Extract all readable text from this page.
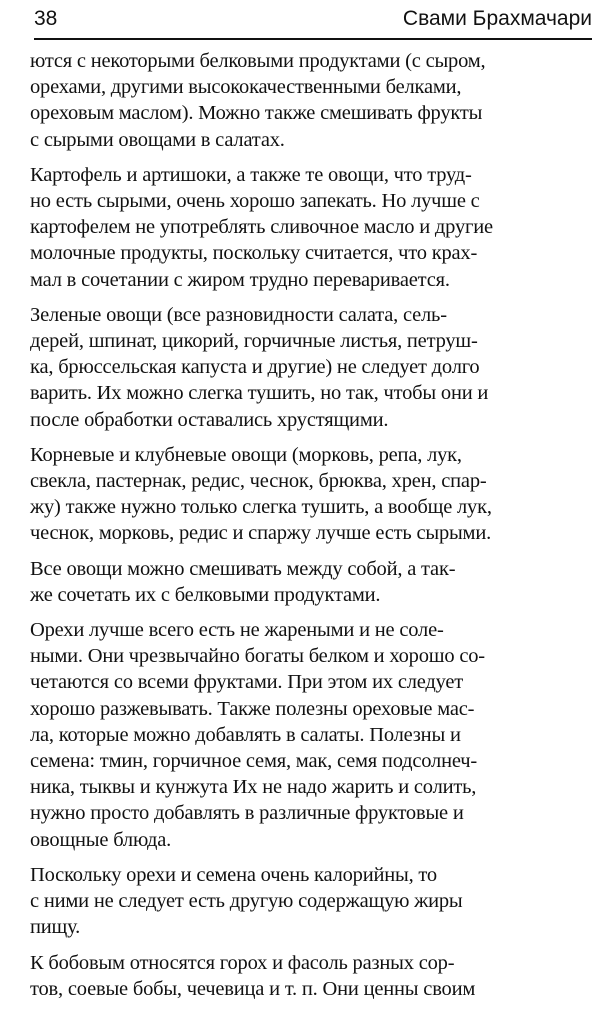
38	Свами Брахмачари

ются с некоторыми белковыми продуктами (с сыром,
орехами, другими высококачественными белками,
ореховым маслом). Можно также смешивать фрукты
с сырыми овощами в салатах.

Картофель и артишоки, а также те овощи, что труд-
но есть сырыми, очень хорошо запекать. Но лучше с
картофелем не употреблять сливочное масло и другие
молочные продукты, поскольку считается, что крах-
мал в сочетании с жиром трудно переваривается.

Зеленые овощи (все разновидности салата, сель-
дерей, шпинат, цикорий, горчичные листья, петруш-
ка, брюссельская капуста и другие) не следует долго
варить. Их можно слегка тушить, но так, чтобы они и
после обработки оставались хрустящими.

Корневые и клубневые овощи (морковь, репа, лук,
свекла, пастернак, редис, чеснок, брюква, хрен, спар-
жу) также нужно только слегка тушить, а вообще лук,
чеснок, морковь, редис и спаржу лучше есть сырыми.

Все овощи можно смешивать между собой, а так-
же сочетать их с белковыми продуктами.

Орехи лучше всего есть не жареными и не соле-
ными. Они чрезвычайно богаты белком и хорошо со-
четаются со всеми фруктами. При этом их следует
хорошо разжевывать. Также полезны ореховые мас-
ла, которые можно добавлять в салаты. Полезны и
семена: тмин, горчичное семя, мак, семя подсолнеч-
ника, тыквы и кунжута Их не надо жарить и солить,
нужно просто добавлять в различные фруктовые и
овощные блюда.

Поскольку орехи и семена очень калорийны, то
с ними не следует есть другую содержащую жиры
пищу.

К бобовым относятся горох и фасоль разных сор-
тов, соевые бобы, чечевица и т. п. Они ценны своим
